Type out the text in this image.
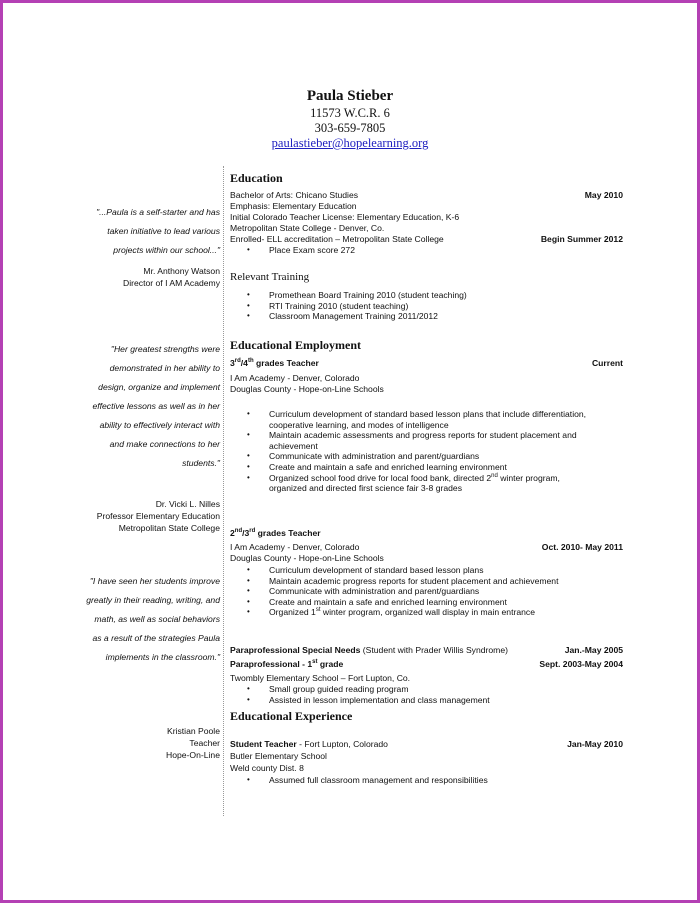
Paula Stieber
11573 W.C.R. 6
303-659-7805
paulastieber@hopelearning.org
"...Paula is a self-starter and has
taken initiative to lead various
projects within our school..."
Mr. Anthony Watson
Director of I AM Academy
"Her greatest strengths were
demonstrated in her ability to
design, organize and implement
effective lessons as well as in her
ability to effectively interact with
and make connections to her
students."
Dr. Vicki L. Nilles
Professor Elementary Education
Metropolitan State College
"I have seen her students improve
greatly in their reading, writing, and
math, as well as social behaviors
as a result of the strategies Paula
implements in the classroom."
Kristian Poole
Teacher
Hope-On-Line
Education
Bachelor of Arts: Chicano Studies	May 2010
Emphasis: Elementary Education
Initial Colorado Teacher License: Elementary Education, K-6
Metropolitan State College - Denver, Co.
Enrolled- ELL accreditation – Metropolitan State College	Begin Summer 2012
• Place Exam score 272
Relevant Training
• Promethean Board Training 2010 (student teaching)
• RTI Training 2010 (student teaching)
• Classroom Management Training 2011/2012
Educational Employment
3rd/4th grades Teacher	Current
I Am Academy - Denver, Colorado
Douglas County - Hope-on-Line Schools
• Curriculum development of standard based lesson plans that include differentiation,
cooperative learning, and modes of intelligence
• Maintain academic assessments and progress reports for student placement and
achievement
• Communicate with administration and parent/guardians
• Create and maintain a safe and enriched learning environment
• Organized school food drive for local food bank, directed 2nd winter program,
organized and directed first science fair 3-8 grades
2nd/3rd grades Teacher
I Am Academy - Denver, Colorado	Oct. 2010- May 2011
Douglas County - Hope-on-Line Schools
• Curriculum development of standard based lesson plans
• Maintain academic progress reports for student placement and achievement
• Communicate with administration and parent/guardians
• Create and maintain a safe and enriched learning environment
• Organized 1st winter program, organized wall display in main entrance
Paraprofessional Special Needs (Student with Prader Willis Syndrome)	Jan.-May 2005
Paraprofessional - 1st grade	Sept. 2003-May 2004
Twombly Elementary School – Fort Lupton, Co.
• Small group guided reading program
• Assisted in lesson implementation and class management
Educational Experience
Student Teacher - Fort Lupton, Colorado	Jan-May 2010
Butler Elementary School
Weld county Dist. 8
• Assumed full classroom management and responsibilities
